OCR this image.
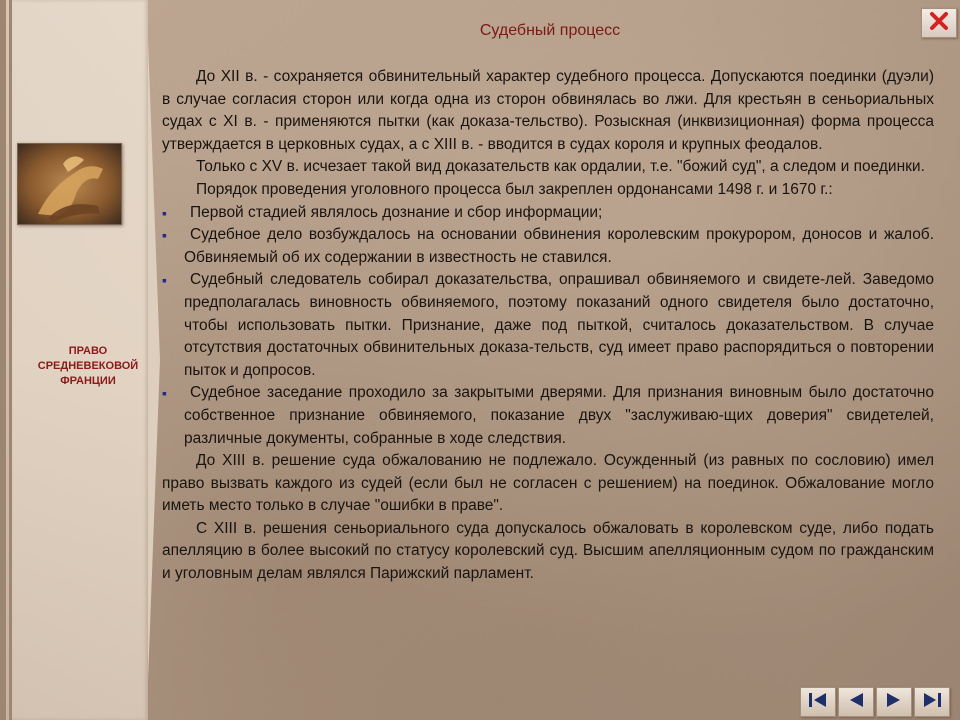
ПРАВО СРЕДНЕВЕКОВОЙ ФРАНЦИИ
Судебный процесс

До XII в. - сохраняется обвинительный характер судебного процесса. Допускаются поединки (дуэли) в случае согласия сторон или когда одна из сторон обвинялась во лжи. Для крестьян в сеньориальных судах с XI в. - применяются пытки (как доказа-тельство). Розыскная (инквизиционная) форма процесса утверждается в церковных судах, а с XIII в. - вводится в судах короля и крупных феодалов.

Только с XV в. исчезает такой вид доказательств как ордалии, т.е. "божий суд", а следом и поединки.

Порядок проведения уголовного процесса был закреплен ордонансами 1498 г. и 1670 г.:

▪	Первой стадией являлось дознание и сбор информации;
▪	Судебное дело возбуждалось на основании обвинения королевским прокурором, доносов и жалоб. Обвиняемый об их содержании в известность не ставился.
▪	Судебный следователь собирал доказательства, опрашивал обвиняемого и свидете-лей. Заведомо предполагалась виновность обвиняемого, поэтому показаний одного свидетеля было достаточно, чтобы использовать пытки. Признание, даже под пыткой, считалось доказательством. В случае отсутствия достаточных обвинительных доказа-тельств, суд имеет право распорядиться о повторении пыток и допросов.
▪	Судебное заседание проходило за закрытыми дверями. Для признания виновным было достаточно собственное признание обвиняемого, показание двух "заслуживаю-щих доверия" свидетелей, различные документы, собранные в ходе следствия.

До XIII в. решение суда обжалованию не подлежало. Осужденный (из равных по сословию) имел право вызвать каждого из судей (если был не согласен с решением) на поединок. Обжалование могло иметь место только в случае "ошибки в праве".

С XIII в. решения сеньориального суда допускалось обжаловать в королевском суде, либо подать апелляцию в более высокий по статусу королевский суд. Высшим апелляционным судом по гражданским и уголовным делам являлся Парижский парламент.
